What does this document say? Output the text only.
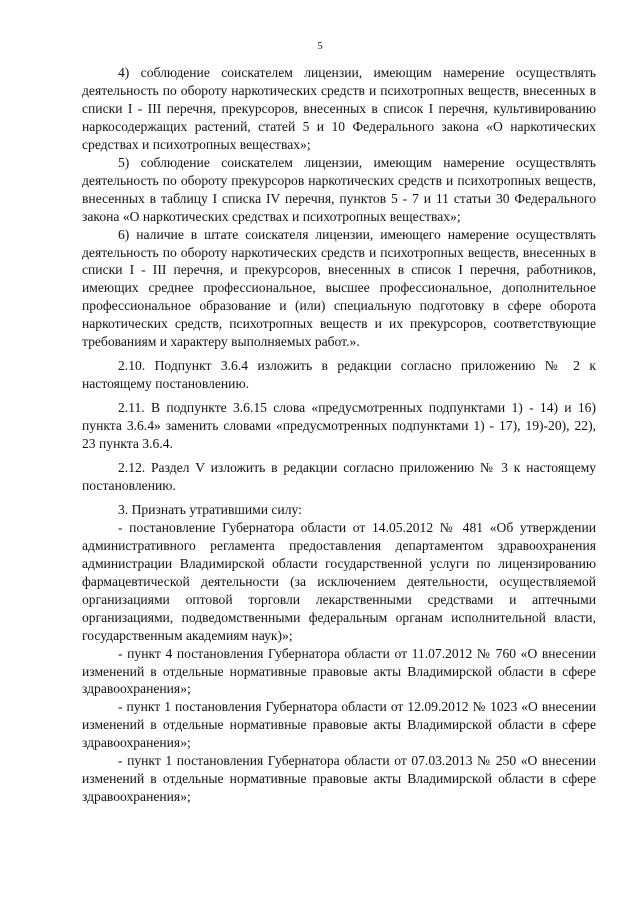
5

4) соблюдение соискателем лицензии, имеющим намерение осуществлять деятельность по обороту наркотических средств и психотропных веществ, внесенных в списки I - III перечня, прекурсоров, внесенных в список I перечня, культивированию наркосодержащих растений, статей 5 и 10 Федерального закона «О наркотических средствах и психотропных веществах»;

5) соблюдение соискателем лицензии, имеющим намерение осуществлять деятельность по обороту прекурсоров наркотических средств и психотропных веществ, внесенных в таблицу I списка IV перечня, пунктов 5 - 7 и 11 статьи 30 Федерального закона «О наркотических средствах и психотропных веществах»;

6) наличие в штате соискателя лицензии, имеющего намерение осуществлять деятельность по обороту наркотических средств и психотропных веществ, внесенных в списки I - III перечня, и прекурсоров, внесенных в список I перечня, работников, имеющих среднее профессиональное, высшее профессиональное, дополнительное профессиональное образование и (или) специальную подготовку в сфере оборота наркотических средств, психотропных веществ и их прекурсоров, соответствующие требованиям и характеру выполняемых работ.».

2.10. Подпункт 3.6.4 изложить в редакции согласно приложению № 2 к настоящему постановлению.

2.11. В подпункте 3.6.15 слова «предусмотренных подпунктами 1) - 14) и 16) пункта 3.6.4» заменить словами «предусмотренных подпунктами 1) - 17), 19)-20), 22), 23 пункта 3.6.4.

2.12. Раздел V изложить в редакции согласно приложению № 3 к настоящему постановлению.

3. Признать утратившими силу:

- постановление Губернатора области от 14.05.2012 № 481 «Об утверждении административного регламента предоставления департаментом здравоохранения администрации Владимирской области государственной услуги по лицензированию фармацевтической деятельности (за исключением деятельности, осуществляемой организациями оптовой торговли лекарственными средствами и аптечными организациями, подведомственными федеральным органам исполнительной власти, государственным академиям наук)»;

- пункт 4 постановления Губернатора области от 11.07.2012 № 760 «О внесении изменений в отдельные нормативные правовые акты Владимирской области в сфере здравоохранения»;

- пункт 1 постановления Губернатора области от 12.09.2012 № 1023 «О внесении изменений в отдельные нормативные правовые акты Владимирской области в сфере здравоохранения»;

- пункт 1 постановления Губернатора области от 07.03.2013 № 250 «О внесении изменений в отдельные нормативные правовые акты Владимирской области в сфере здравоохранения»;
